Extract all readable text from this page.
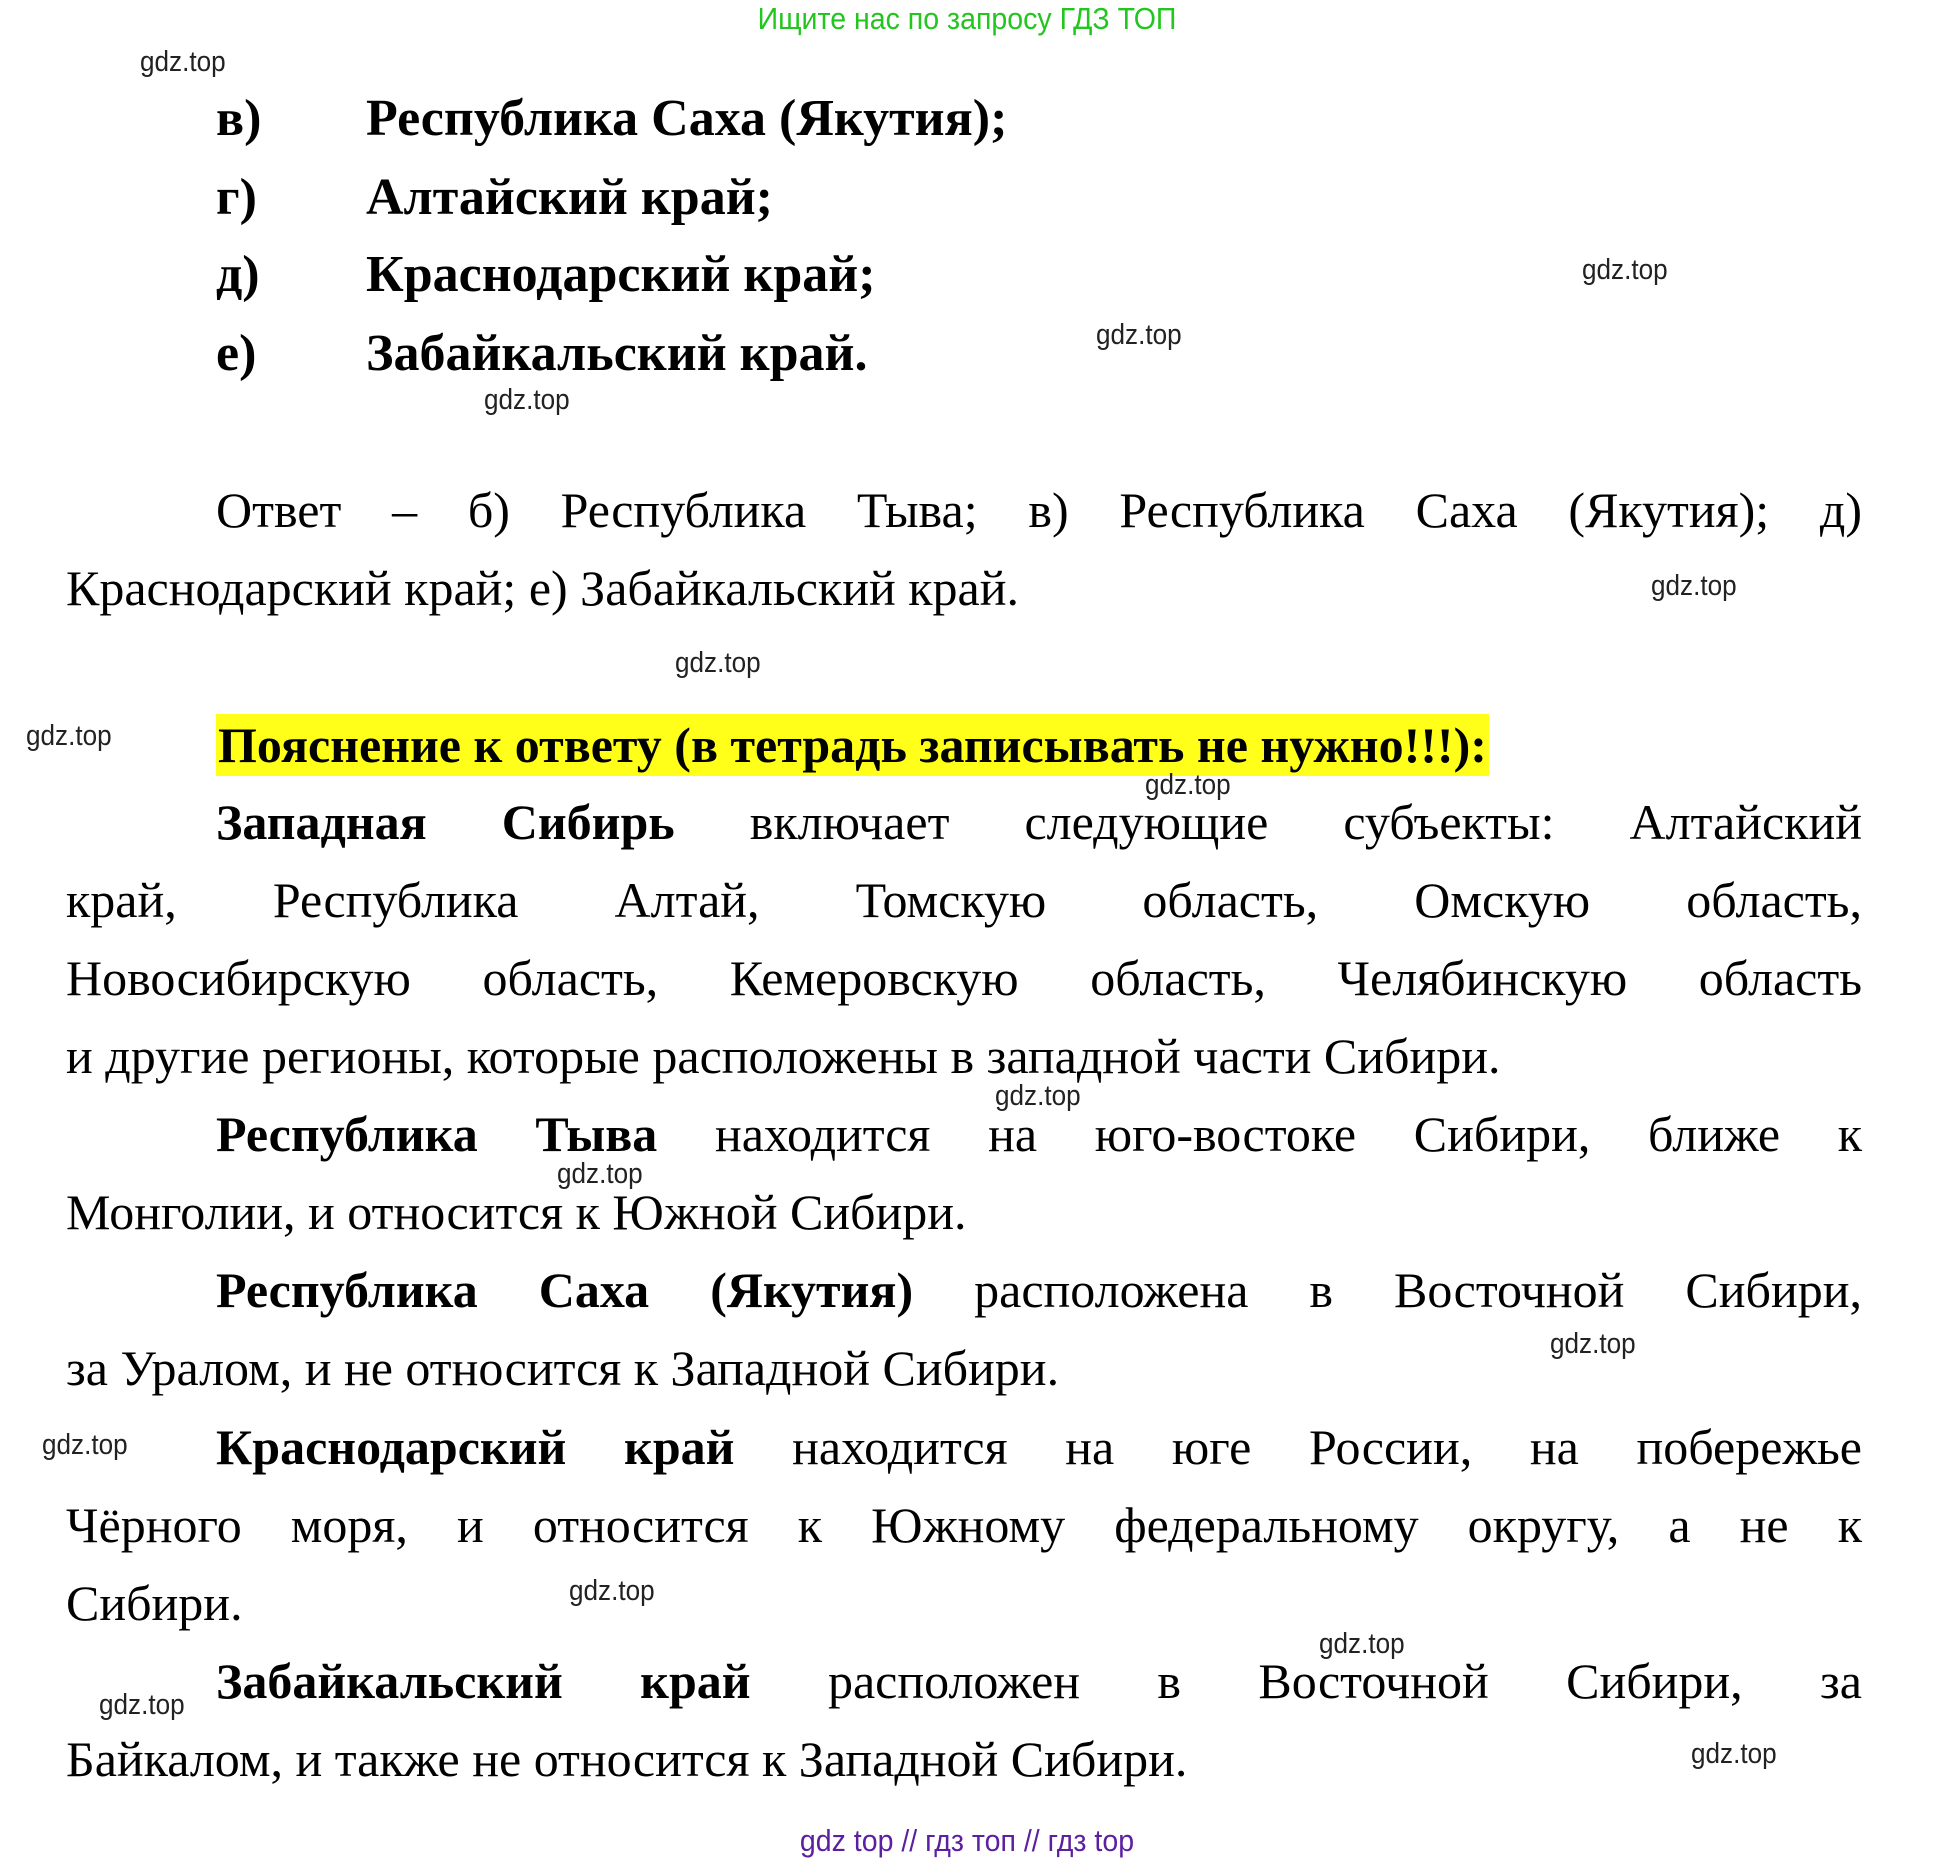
Ищите нас по запросу ГДЗ ТОП
в) Республика Саха (Якутия);
г) Алтайский край;
д) Краснодарский край;
е) Забайкальский край.
Ответ – б) Республика Тыва; в) Республика Саха (Якутия); д)
Краснодарский край; е) Забайкальский край.
Западная Сибирь включает следующие субъекты: Алтайский
край, Республика Алтай, Томскую область, Омскую область,
Новосибирскую область, Кемеровскую область, Челябинскую область
и другие регионы, которые расположены в западной части Сибири.
Республика Тыва находится на юго-востоке Сибири, ближе к
Монголии, и относится к Южной Сибири.
Республика Саха (Якутия) расположена в Восточной Сибири,
за Уралом, и не относится к Западной Сибири.
Краснодарский край находится на юге России, на побережье
Чёрного моря, и относится к Южному федеральному округу, а не к
Сибири.
Забайкальский край расположен в Восточной Сибири, за
Байкалом, и также не относится к Западной Сибири.
Пояснение к ответу (в тетрадь записывать не нужно!!!):
gdz.top
gdz.top
gdz.top
gdz.top
gdz.top
gdz.top
gdz.top
gdz.top
gdz.top
gdz.top
gdz.top
gdz.top
gdz.top
gdz.top
gdz.top
gdz.top
gdz top // гдз топ // гдз top
